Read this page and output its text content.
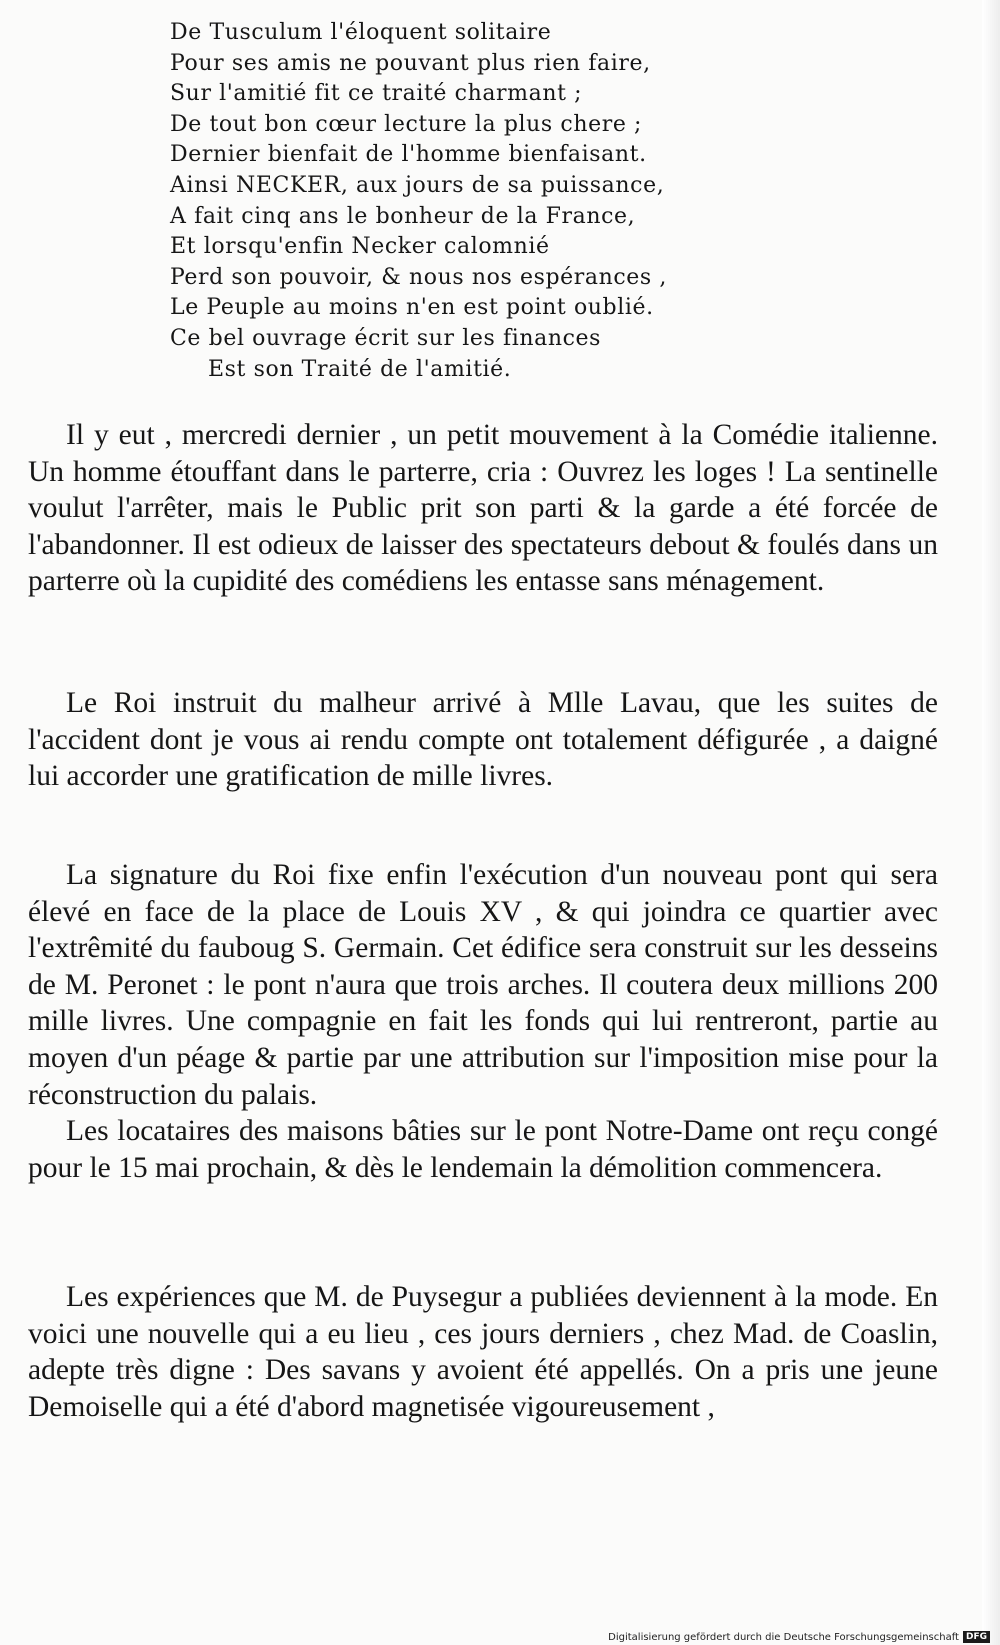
De Tusculum l'éloquent solitaire
Pour ses amis ne pouvant plus rien faire,
Sur l'amitié fit ce traité charmant ;
De tout bon cœur lecture la plus chere ;
Dernier bienfait de l'homme bienfaisant.
Ainsi NECKER, aux jours de sa puissance,
A fait cinq ans le bonheur de la France,
Et lorsqu'enfin Necker calomnié
Perd son pouvoir, & nous nos espérances ,
Le Peuple au moins n'en est point oublié.
Ce bel ouvrage écrit sur les finances
Est son Traité de l'amitié.

Il y eut , mercredi dernier , un petit mouvement à la Comédie italienne. Un homme étouffant dans le parterre, cria : Ouvrez les loges ! La sentinelle voulut l'arrêter, mais le Public prit son parti & la garde a été forcée de l'abandonner. Il est odieux de laisser des spectateurs debout & foulés dans un parterre où la cupidité des comédiens les entasse sans ménagement.

Le Roi instruit du malheur arrivé à Mlle Lavau, que les suites de l'accident dont je vous ai rendu compte ont totalement défigurée , a daigné lui accorder une gratification de mille livres.

La signature du Roi fixe enfin l'exécution d'un nouveau pont qui sera élevé en face de la place de Louis XV , & qui joindra ce quartier avec l'extrêmité du fauboug S. Germain. Cet édifice sera construit sur les desseins de M. Peronet : le pont n'aura que trois arches. Il coutera deux millions 200 mille livres. Une compagnie en fait les fonds qui lui rentreront, partie au moyen d'un péage & partie par une attribution sur l'imposition mise pour la réconstruction du palais.

Les locataires des maisons bâties sur le pont Notre-Dame ont reçu congé pour le 15 mai prochain, & dès le lendemain la démolition commencera.

Les expériences que M. de Puysegur a publiées deviennent à la mode. En voici une nouvelle qui a eu lieu , ces jours derniers , chez Mad. de Coaslin, adepte très digne : Des savans y avoient été appellés. On a pris une jeune Demoiselle qui a été d'abord magnetisée vigoureusement ,

Digitalisierung gefördert durch die Deutsche Forschungsgemeinschaft DFG
